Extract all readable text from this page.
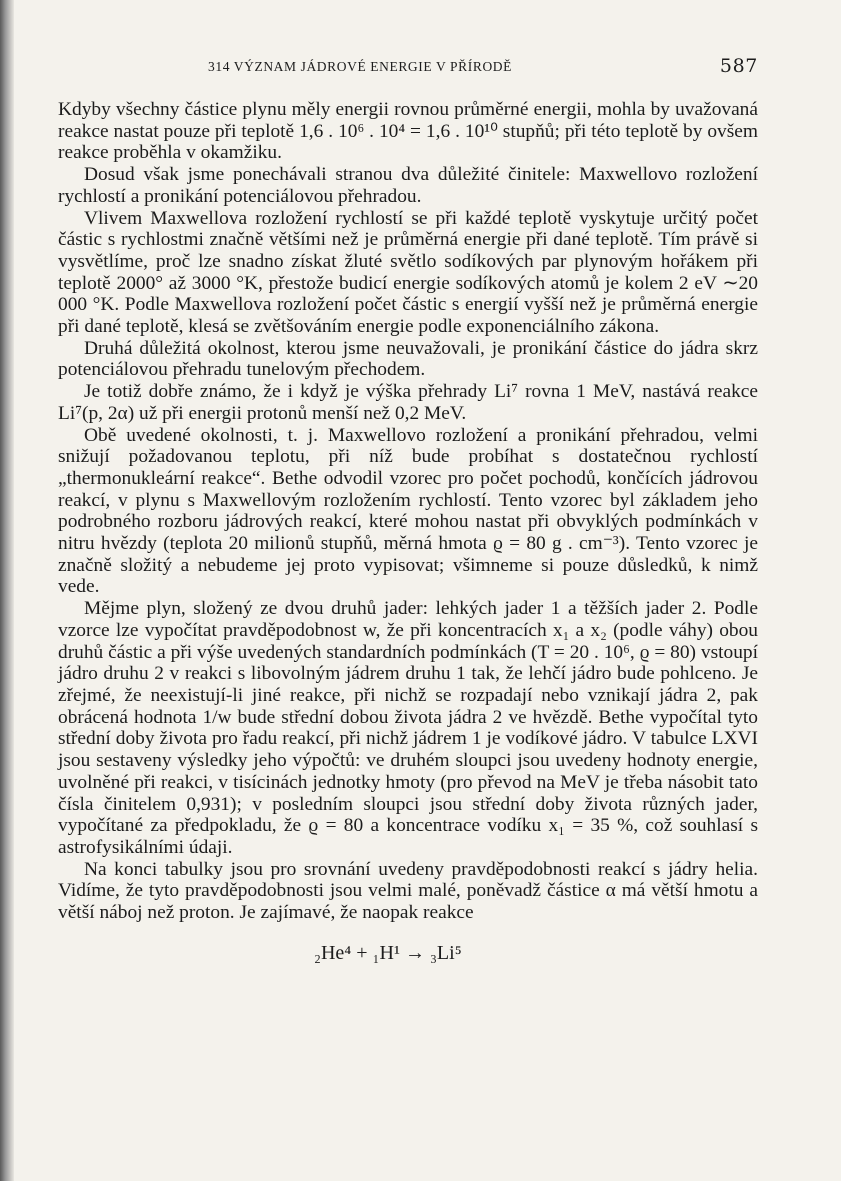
314 VÝZNAM JÁDROVÉ ENERGIE V PŘÍRODĚ	587

Kdyby všechny částice plynu měly energii rovnou průměrné energii, mohla by uvažovaná reakce nastat pouze při teplotě 1,6 . 10⁶ . 10⁴ = 1,6 . 10¹⁰ stupňů; při této teplotě by ovšem reakce proběhla v okamžiku.

Dosud však jsme ponechávali stranou dva důležité činitele: Maxwellovo rozložení rychlostí a pronikání potenciálovou přehradou.

Vlivem Maxwellova rozložení rychlostí se při každé teplotě vyskytuje určitý počet částic s rychlostmi značně většími než je průměrná energie při dané teplotě. Tím právě si vysvětlíme, proč lze snadno získat žluté světlo sodíkových par plynovým hořákem při teplotě 2000° až 3000 °K, přestože budicí energie sodíkových atomů je kolem 2 eV ∼20 000 °K. Podle Maxwellova rozložení počet částic s energií vyšší než je průměrná energie při dané teplotě, klesá se zvětšováním energie podle exponenciálního zákona.

Druhá důležitá okolnost, kterou jsme neuvažovali, je pronikání částice do jádra skrz potenciálovou přehradu tunelovým přechodem.

Je totiž dobře známo, že i když je výška přehrady Li⁷ rovna 1 MeV, nastává reakce Li⁷(p, 2α) už při energii protonů menší než 0,2 MeV.

Obě uvedené okolnosti, t. j. Maxwellovo rozložení a pronikání přehradou, velmi snižují požadovanou teplotu, při níž bude probíhat s dostatečnou rychlostí „thermonukleární reakce“. Bethe odvodil vzorec pro počet pochodů, končících jádrovou reakcí, v plynu s Maxwellovým rozložením rychlostí. Tento vzorec byl základem jeho podrobného rozboru jádrových reakcí, které mohou nastat při obvyklých podmínkách v nitru hvězdy (teplota 20 milionů stupňů, měrná hmota ϱ = 80 g . cm⁻³). Tento vzorec je značně složitý a nebudeme jej proto vypisovat; všimneme si pouze důsledků, k nimž vede.

Mějme plyn, složený ze dvou druhů jader: lehkých jader 1 a těžších jader 2. Podle vzorce lze vypočítat pravděpodobnost w, že při koncentracích x₁ a x₂ (podle váhy) obou druhů částic a při výše uvedených standardních podmínkách (T = 20 . 10⁶, ϱ = 80) vstoupí jádro druhu 2 v reakci s libovolným jádrem druhu 1 tak, že lehčí jádro bude pohlceno. Je zřejmé, že neexistují-li jiné reakce, při nichž se rozpadají nebo vznikají jádra 2, pak obrácená hodnota 1/w bude střední dobou života jádra 2 ve hvězdě. Bethe vypočítal tyto střední doby života pro řadu reakcí, při nichž jádrem 1 je vodíkové jádro. V tabulce LXVI jsou sestaveny výsledky jeho výpočtů: ve druhém sloupci jsou uvedeny hodnoty energie, uvolněné při reakci, v tisícinách jednotky hmoty (pro převod na MeV je třeba násobit tato čísla činitelem 0,931); v posledním sloupci jsou střední doby života různých jader, vypočítané za předpokladu, že ϱ = 80 a koncentrace vodíku x₁ = 35 %, což souhlasí s astrofysikálními údaji.

Na konci tabulky jsou pro srovnání uvedeny pravděpodobnosti reakcí s jádry helia. Vidíme, že tyto pravděpodobnosti jsou velmi malé, poněvadž částice α má větší hmotu a větší náboj než proton. Je zajímavé, že naopak reakce

₂He⁴ + ₁H¹ → ₃Li⁵
